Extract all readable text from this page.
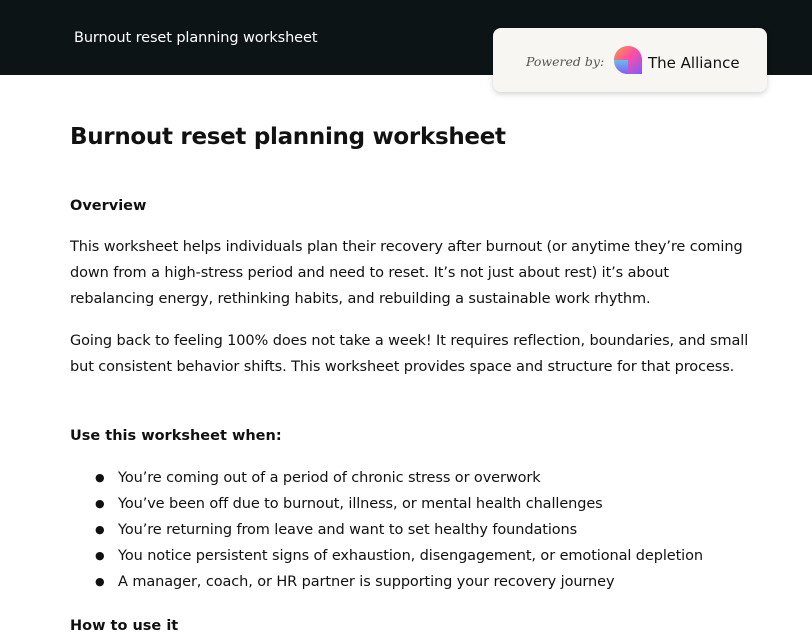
Burnout reset planning worksheet
Powered by:	The Alliance
Burnout reset planning worksheet

Overview

This worksheet helps individuals plan their recovery after burnout (or anytime they’re coming down from a high-stress period and need to reset. It’s not just about rest) it’s about rebalancing energy, rethinking habits, and rebuilding a sustainable work rhythm.

Going back to feeling 100% does not take a week! It requires reflection, boundaries, and small but consistent behavior shifts. This worksheet provides space and structure for that process.

Use this worksheet when:

● You’re coming out of a period of chronic stress or overwork
● You’ve been off due to burnout, illness, or mental health challenges
● You’re returning from leave and want to set healthy foundations
● You notice persistent signs of exhaustion, disengagement, or emotional depletion
● A manager, coach, or HR partner is supporting your recovery journey

How to use it
